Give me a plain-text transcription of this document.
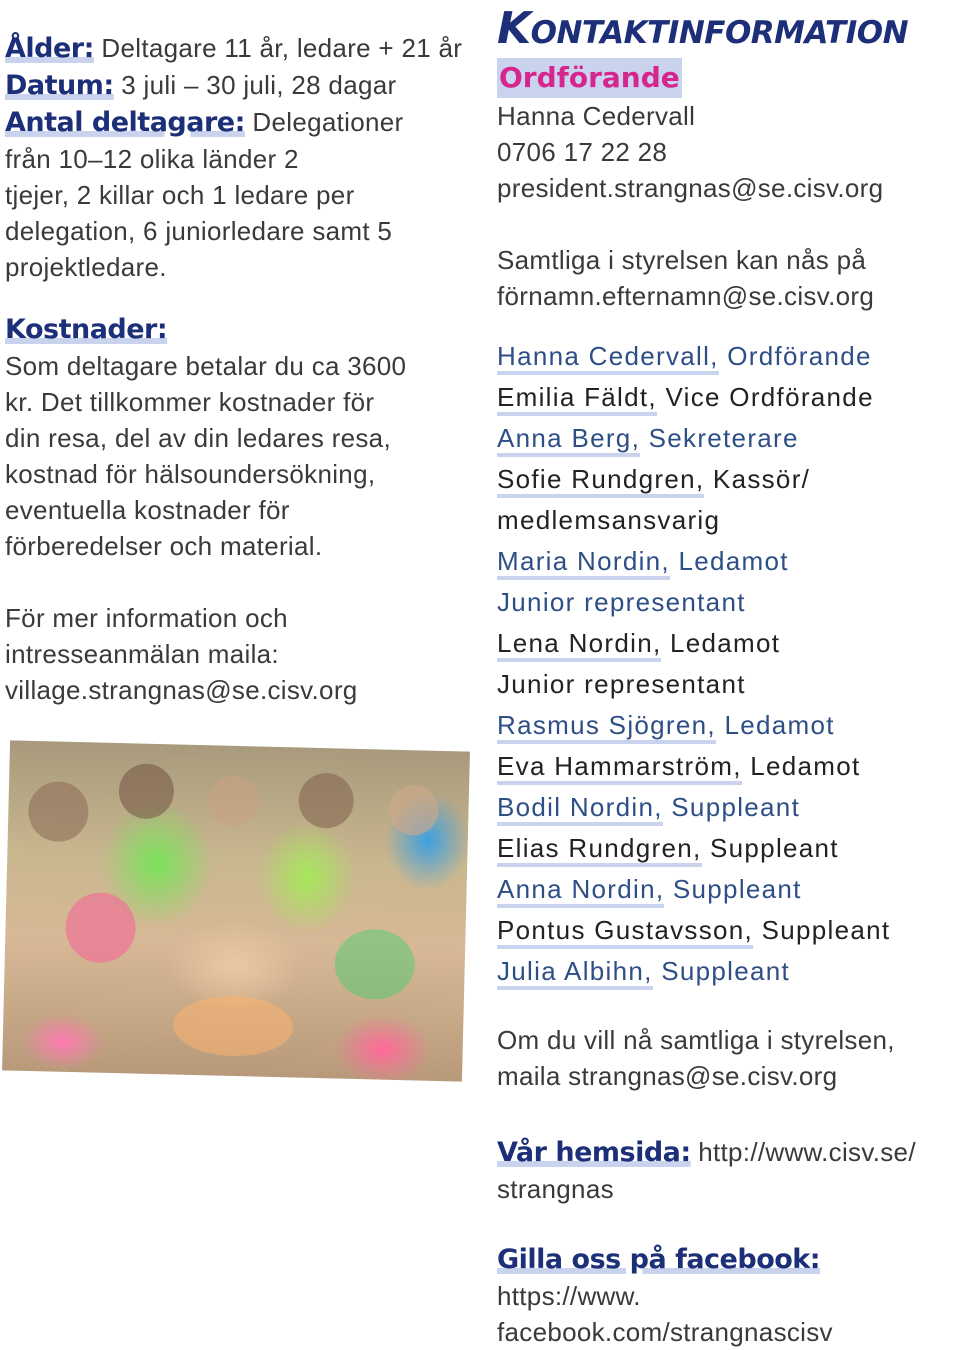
Ålder: Deltagare 11 år, ledare + 21 år

Datum: 3 juli – 30 juli, 28 dagar

Antal deltagare: Delegationer

från 10–12 olika länder 2

tjejer, 2 killar och 1 ledare per

delegation, 6 juniorledare samt 5

projektledare.

Kostnader:

Som deltagare betalar du ca 3600

kr. Det tillkommer kostnader för

din resa, del av din ledares resa,

kostnad för hälsoundersökning,

eventuella kostnader för

förberedelser och material.

För mer information och

intresseanmälan maila:

village.strangnas@se.cisv.org

Kontaktinformation
Ordförande

Hanna Cedervall

0706 17 22 28

president.strangnas@se.cisv.org

Samtliga i styrelsen kan nås på

förnamn.efternamn@se.cisv.org

Hanna Cedervall, Ordförande

Emilia Fäldt, Vice Ordförande

Anna Berg, Sekreterare

Sofie Rundgren, Kassör/

medlemsansvarig

Maria Nordin, Ledamot

Junior representant

Lena Nordin, Ledamot

Junior representant

Rasmus Sjögren, Ledamot

Eva Hammarström, Ledamot

Bodil Nordin, Suppleant

Elias Rundgren, Suppleant

Anna Nordin, Suppleant

Pontus Gustavsson, Suppleant

Julia Albihn, Suppleant

Om du vill nå samtliga i styrelsen,

maila strangnas@se.cisv.org

Vår hemsida: http://www.cisv.se/

strangnas

Gilla oss på facebook: https://www.

facebook.com/strangnascisv
